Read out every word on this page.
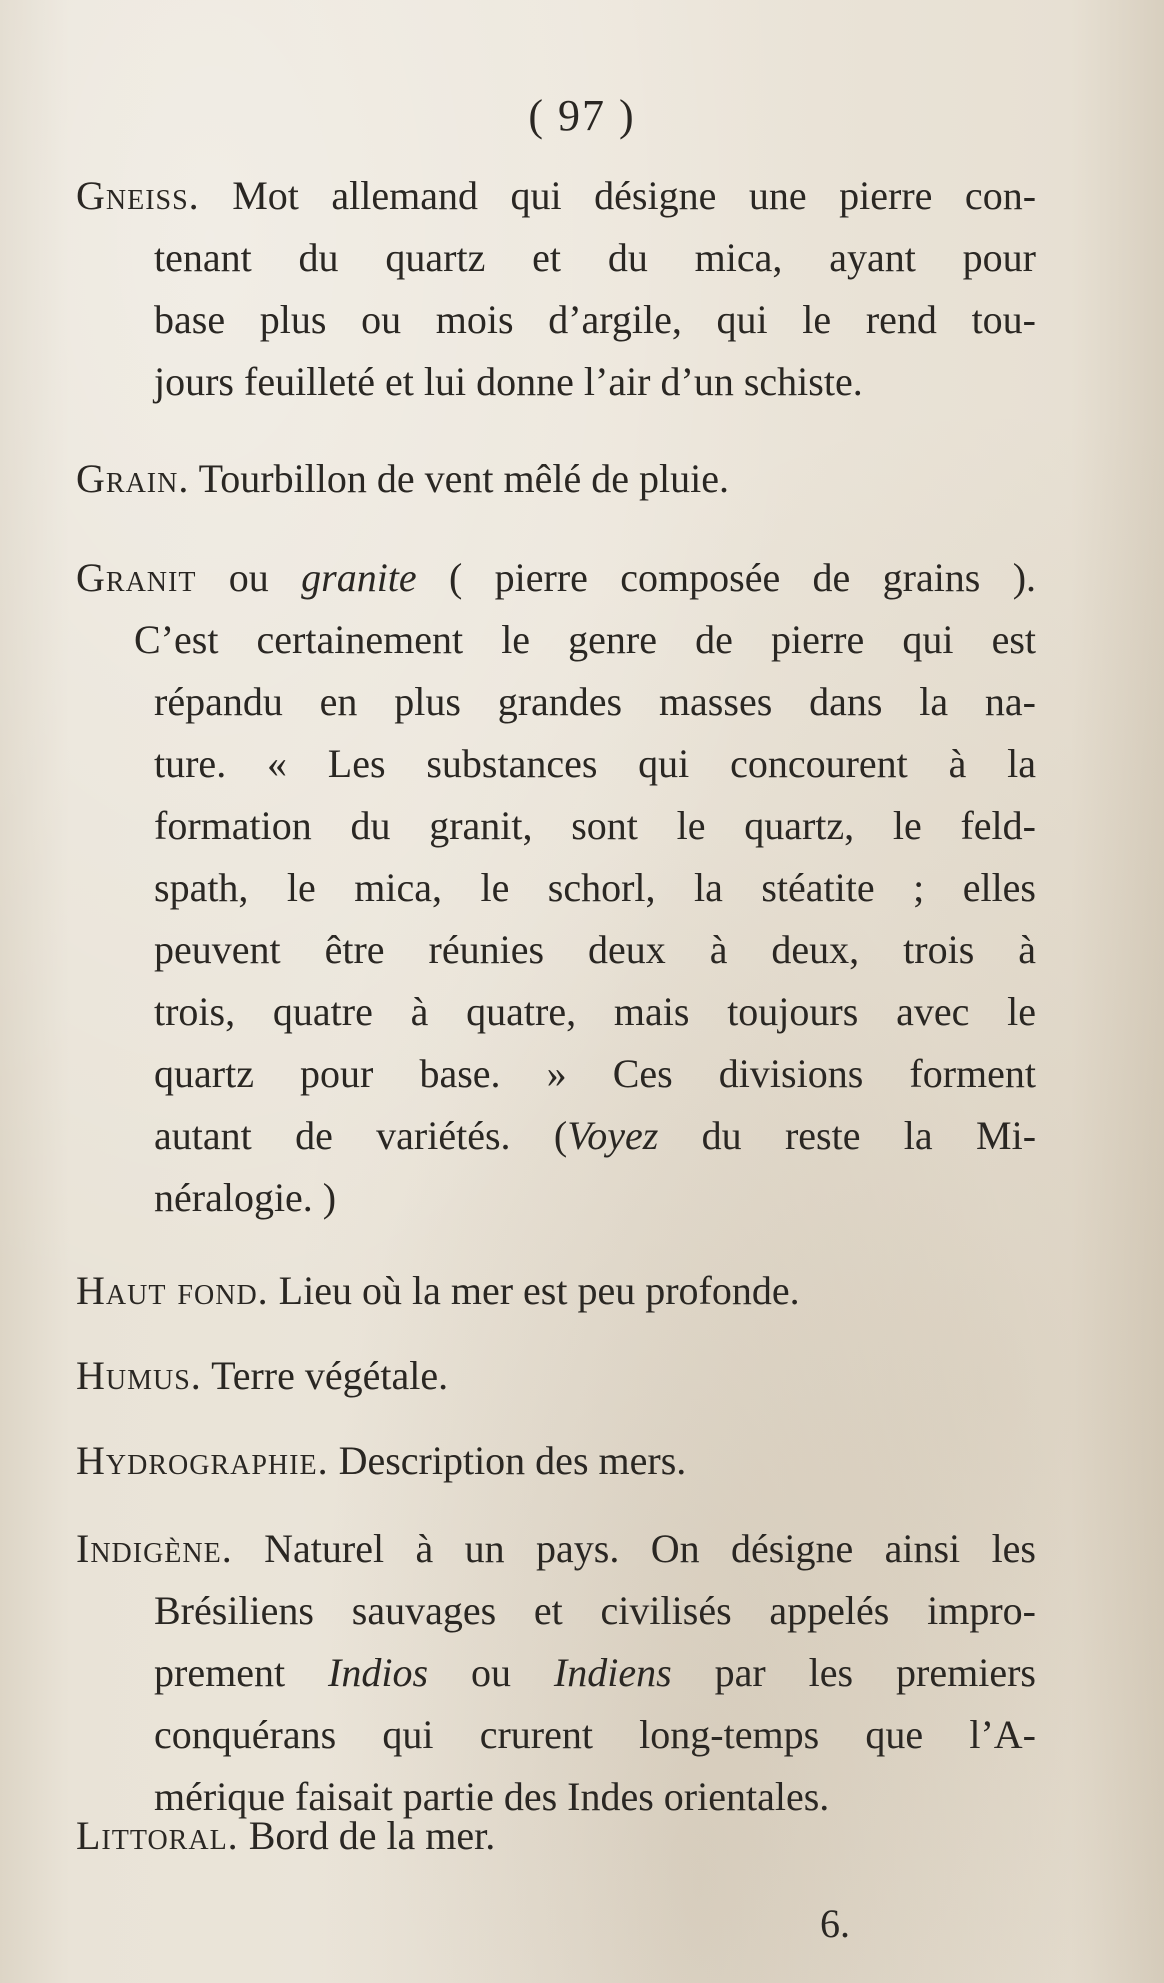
( 97 )
Gneiss. Mot allemand qui désigne une pierre con-
tenant du quartz et du mica, ayant pour
base plus ou mois d’argile, qui le rend tou-
jours feuilleté et lui donne l’air d’un schiste.
Grain. Tourbillon de vent mêlé de pluie.
Granit ou granite ( pierre composée de grains ).
C’est certainement le genre de pierre qui est
répandu en plus grandes masses dans la na-
ture. « Les substances qui concourent à la
formation du granit, sont le quartz, le feld-
spath, le mica, le schorl, la stéatite ; elles
peuvent être réunies deux à deux, trois à
trois, quatre à quatre, mais toujours avec le
quartz pour base. » Ces divisions forment
autant de variétés. (Voyez du reste la Mi-
néralogie. )
Haut fond. Lieu où la mer est peu profonde.
Humus. Terre végétale.
Hydrographie. Description des mers.
Indigène. Naturel à un pays. On désigne ainsi les
Brésiliens sauvages et civilisés appelés impro-
prement Indios ou Indiens par les premiers
conquérans qui crurent long-temps que l’A-
mérique faisait partie des Indes orientales.
Littoral. Bord de la mer.
6.
